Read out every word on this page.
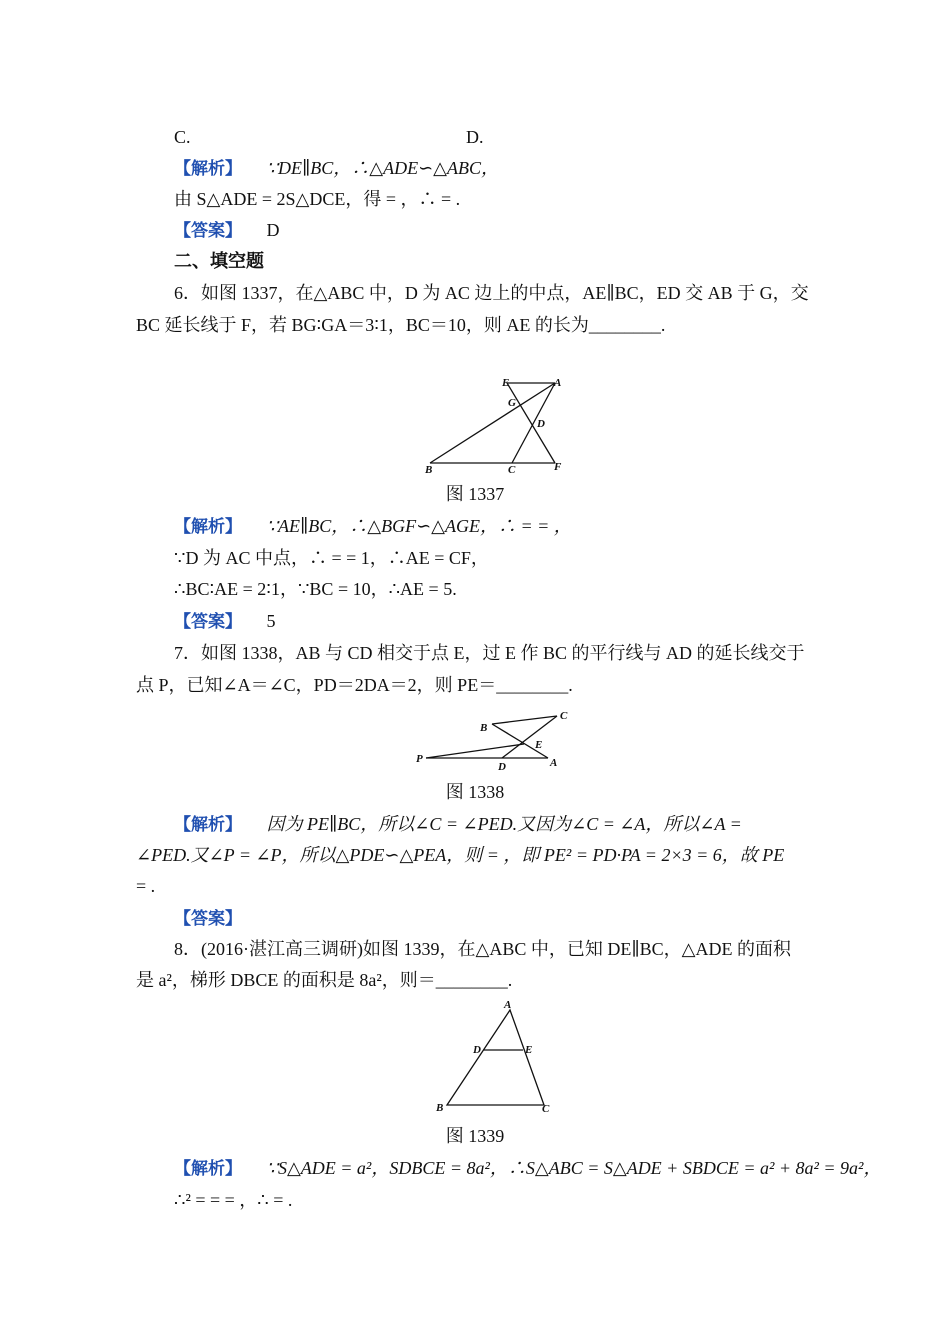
C.	D.
【解析】 ∵DE∥BC，∴△ADE∽△ABC，
由 S△ADE = 2S△DCE，得 = ，∴ = .
【答案】 D
二、填空题
6．如图 1337，在△ABC 中，D 为 AC 边上的中点，AE∥BC，ED 交 AB 于 G，交
BC 延长线于 F，若 BG∶GA＝3∶1，BC＝10，则 AE 的长为________.
E	A
G
D
B	C	F
图 1337
【解析】 ∵AE∥BC，∴△BGF∽△AGE，∴ = = ，
∵D 为 AC 中点，∴ = = 1，∴AE = CF，
∴BC∶AE = 2∶1，∵BC = 10，∴AE = 5.
【答案】 5
7．如图 1338，AB 与 CD 相交于点 E，过 E 作 BC 的平行线与 AD 的延长线交于
点 P，已知∠A＝∠C，PD＝2DA＝2，则 PE＝________.
B
C
E
P
D	A
图 1338
【解析】 因为 PE∥BC，所以∠C = ∠PED.又因为∠C = ∠A，所以∠A =
∠PED.又∠P = ∠P，所以△PDE∽△PEA，则 = ，即 PE² = PD·PA = 2×3 = 6，故 PE
= .
【答案】
8．(2016·湛江高三调研)如图 1339，在△ABC 中，已知 DE∥BC，△ADE 的面积
是 a²，梯形 DBCE 的面积是 8a²，则＝________.
A
D	E
B	C
图 1339
【解析】 ∵S△ADE = a²，SDBCE = 8a²，∴S△ABC = S△ADE + SBDCE = a² + 8a² = 9a²，
∴² = = = ，∴ = .
